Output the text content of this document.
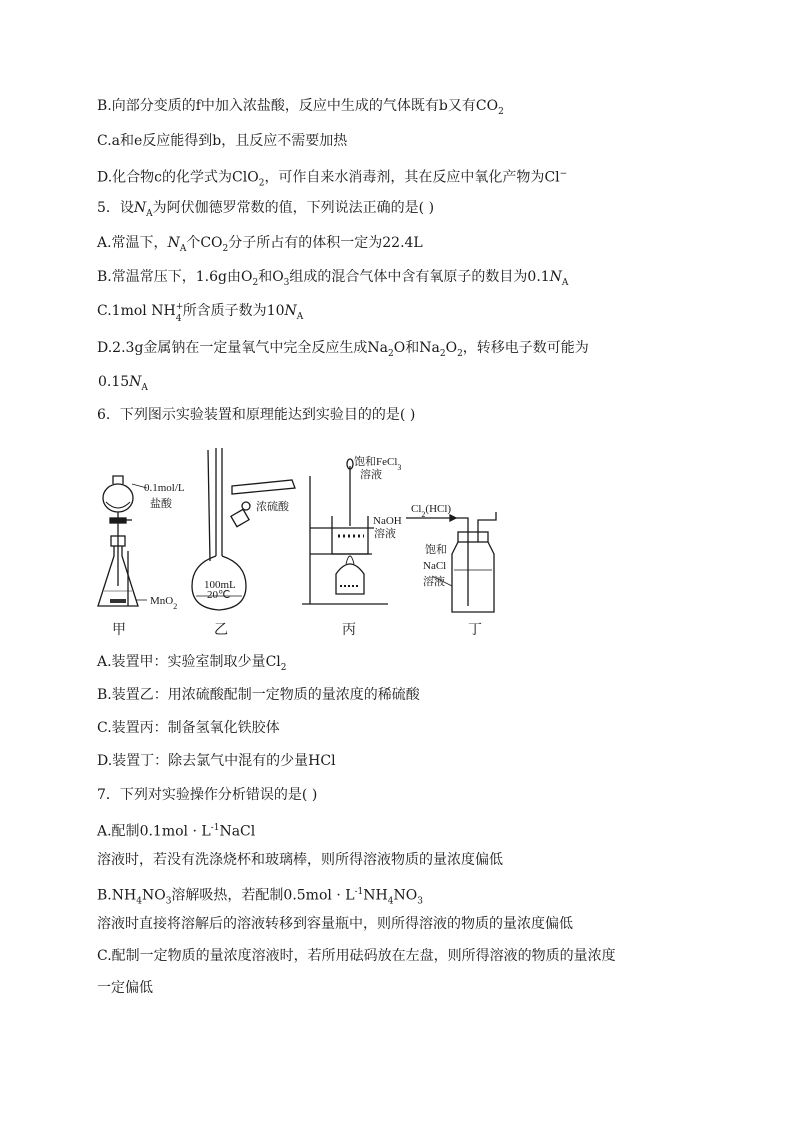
B.向部分变质的f中加入浓盐酸，反应中生成的气体既有b又有$CO_2$
C.a和e反应能得到b，且反应不需要加热
D.化合物c的化学式为ClO$_2$，可作自来水消毒剂，其在反应中氧化产物为Cl−
5．设$N_A$为阿伏伽德罗常数的值，下列说法正确的是( )
A.常温下，$N_A$个$CO_2$分子所占有的体积一定为22.4L
B.常温常压下，1.6g由$O_2$和$O_3$组成的混合气体中含有氧原子的数目为$0.1N_A$
C.1mol NH +
4 所含质子数为$10N_A$
D.2.3g金属钠在一定量氧气中完全反应生成$Na_2O$和$Na_2O_2$，转移电子数可能为
$0.15N_A$
6．下列图示实验装置和原理能达到实验目的的是( )
0.1mol/L
盐酸
MnO$_2$
浓硫酸
100mL
20℃
饱和FeCl$_3$
溶液
NaOH
溶液
$Cl_2(HCl)$
饱和
NaCl
溶液
甲	乙	丙	丁
A.装置甲：实验室制取少量$Cl_2$
B.装置乙：用浓硫酸配制一定物质的量浓度的稀硫酸
C.装置丙：制备氢氧化铁胶体
D.装置丁：除去氯气中混有的少量HCl
7．下列对实验操作分析错误的是( )
A.配制$0.1mol \cdot L^{-1}NaCl$
溶液时，若没有洗涤烧杯和玻璃棒，则所得溶液物质的量浓度偏低
$B.NH_4NO_3$溶解吸热，若配制$0.5mol \cdot L^{-1}NH_4NO_3$
溶液时直接将溶解后的溶液转移到容量瓶中，则所得溶液的物质的量浓度偏低
C.配制一定物质的量浓度溶液时，若所用砝码放在左盘，则所得溶液的物质的量浓度
一定偏低
